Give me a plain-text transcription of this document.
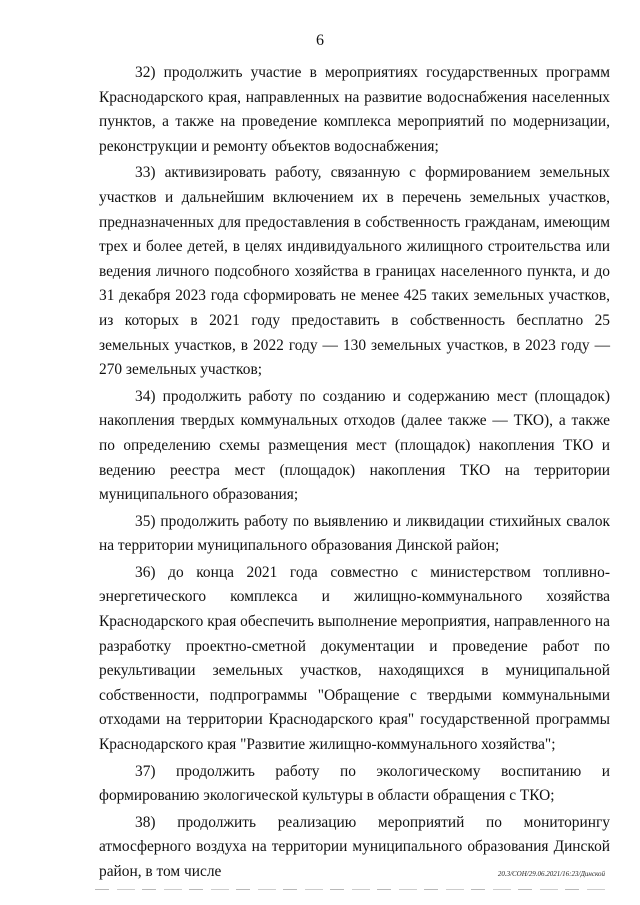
6

32) продолжить участие в мероприятиях государственных программ Краснодарского края, направленных на развитие водоснабжения населенных пунктов, а также на проведение комплекса мероприятий по модернизации, реконструкции и ремонту объектов водоснабжения;

33) активизировать работу, связанную с формированием земельных участков и дальнейшим включением их в перечень земельных участков, предназначенных для предоставления в собственность гражданам, имеющим трех и более детей, в целях индивидуального жилищного строительства или ведения личного подсобного хозяйства в границах населенного пункта, и до 31 декабря 2023 года сформировать не менее 425 таких земельных участков, из которых в 2021 году предоставить в собственность бесплатно 25 земельных участков, в 2022 году — 130 земельных участков, в 2023 году — 270 земельных участков;

34) продолжить работу по созданию и содержанию мест (площадок) накопления твердых коммунальных отходов (далее также — ТКО), а также по определению схемы размещения мест (площадок) накопления ТКО и ведению реестра мест (площадок) накопления ТКО на территории муниципального образования;

35) продолжить работу по выявлению и ликвидации стихийных свалок на территории муниципального образования Динской район;

36) до конца 2021 года совместно с министерством топливно-энергетического комплекса и жилищно-коммунального хозяйства Краснодарского края обеспечить выполнение мероприятия, направленного на разработку проектно-сметной документации и проведение работ по рекультивации земельных участков, находящихся в муниципальной собственности, подпрограммы "Обращение с твердыми коммунальными отходами на территории Краснодарского края" государственной программы Краснодарского края "Развитие жилищно-коммунального хозяйства";

37) продолжить работу по экологическому воспитанию и формированию экологической культуры в области обращения с ТКО;

38) продолжить реализацию мероприятий по мониторингу атмосферного воздуха на территории муниципального образования Динской район, в том числе	20.3/СОН/29.06.2021/16:23/Динской
